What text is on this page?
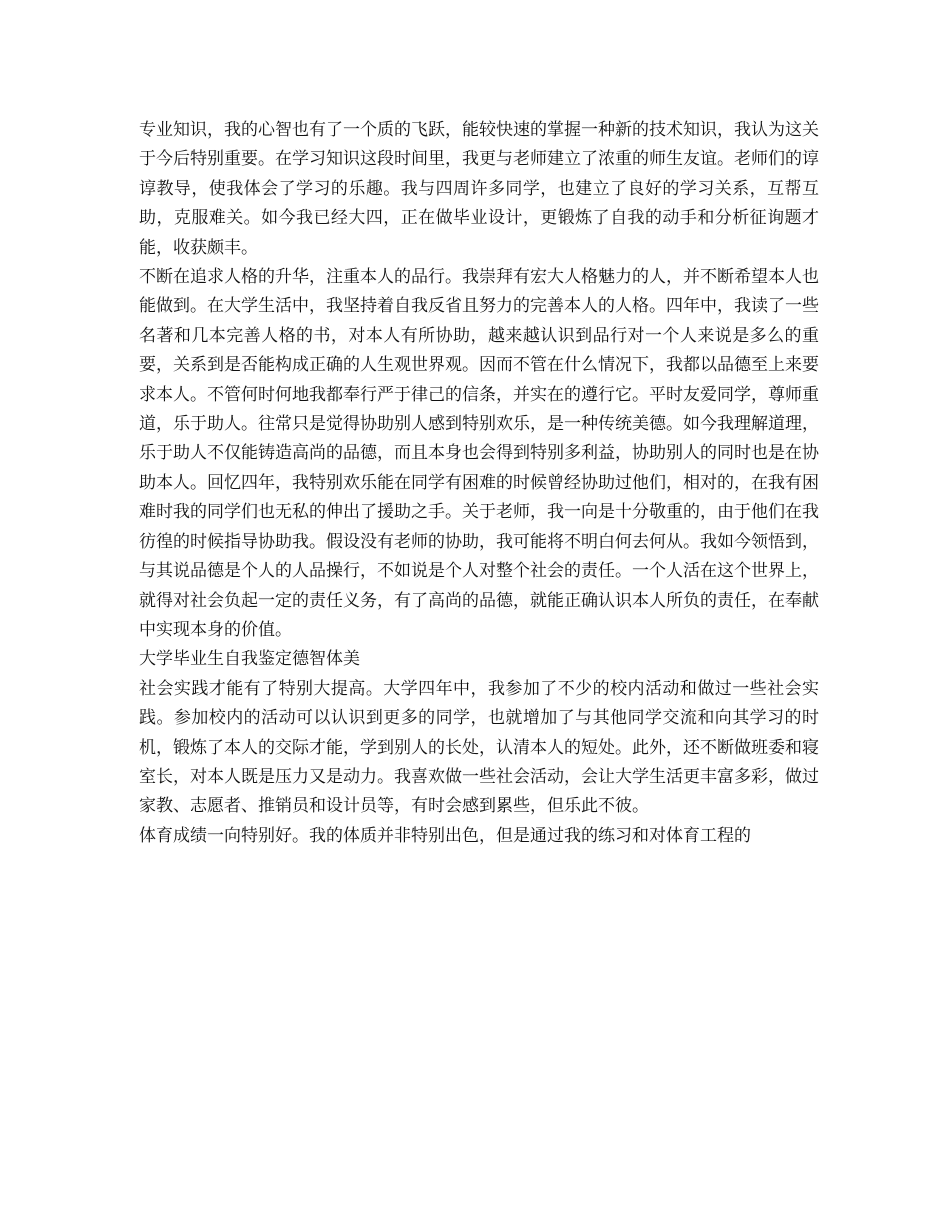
专业知识，我的心智也有了一个质的飞跃，能较快速的掌握一种新的技术知识，我认为这关于今后特别重要。在学习知识这段时间里，我更与老师建立了浓重的师生友谊。老师们的谆谆教导，使我体会了学习的乐趣。我与四周许多同学，也建立了良好的学习关系，互帮互助，克服难关。如今我已经大四，正在做毕业设计，更锻炼了自我的动手和分析征询题才能，收获颇丰。

不断在追求人格的升华，注重本人的品行。我崇拜有宏大人格魅力的人，并不断希望本人也能做到。在大学生活中，我坚持着自我反省且努力的完善本人的人格。四年中，我读了一些名著和几本完善人格的书，对本人有所协助，越来越认识到品行对一个人来说是多么的重要，关系到是否能构成正确的人生观世界观。因而不管在什么情况下，我都以品德至上来要求本人。不管何时何地我都奉行严于律己的信条，并实在的遵行它。平时友爱同学，尊师重道，乐于助人。往常只是觉得协助别人感到特别欢乐，是一种传统美德。如今我理解道理，乐于助人不仅能铸造高尚的品德，而且本身也会得到特别多利益，协助别人的同时也是在协助本人。回忆四年，我特别欢乐能在同学有困难的时候曾经协助过他们，相对的，在我有困难时我的同学们也无私的伸出了援助之手。关于老师，我一向是十分敬重的，由于他们在我彷徨的时候指导协助我。假设没有老师的协助，我可能将不明白何去何从。我如今领悟到，与其说品德是个人的人品操行，不如说是个人对整个社会的责任。一个人活在这个世界上，就得对社会负起一定的责任义务，有了高尚的品德，就能正确认识本人所负的责任，在奉献中实现本身的价值。

大学毕业生自我鉴定德智体美

社会实践才能有了特别大提高。大学四年中，我参加了不少的校内活动和做过一些社会实践。参加校内的活动可以认识到更多的同学，也就增加了与其他同学交流和向其学习的时机，锻炼了本人的交际才能，学到别人的长处，认清本人的短处。此外，还不断做班委和寝室长，对本人既是压力又是动力。我喜欢做一些社会活动，会让大学生活更丰富多彩，做过家教、志愿者、推销员和设计员等，有时会感到累些，但乐此不彼。

体育成绩一向特别好。我的体质并非特别出色，但是通过我的练习和对体育工程的
